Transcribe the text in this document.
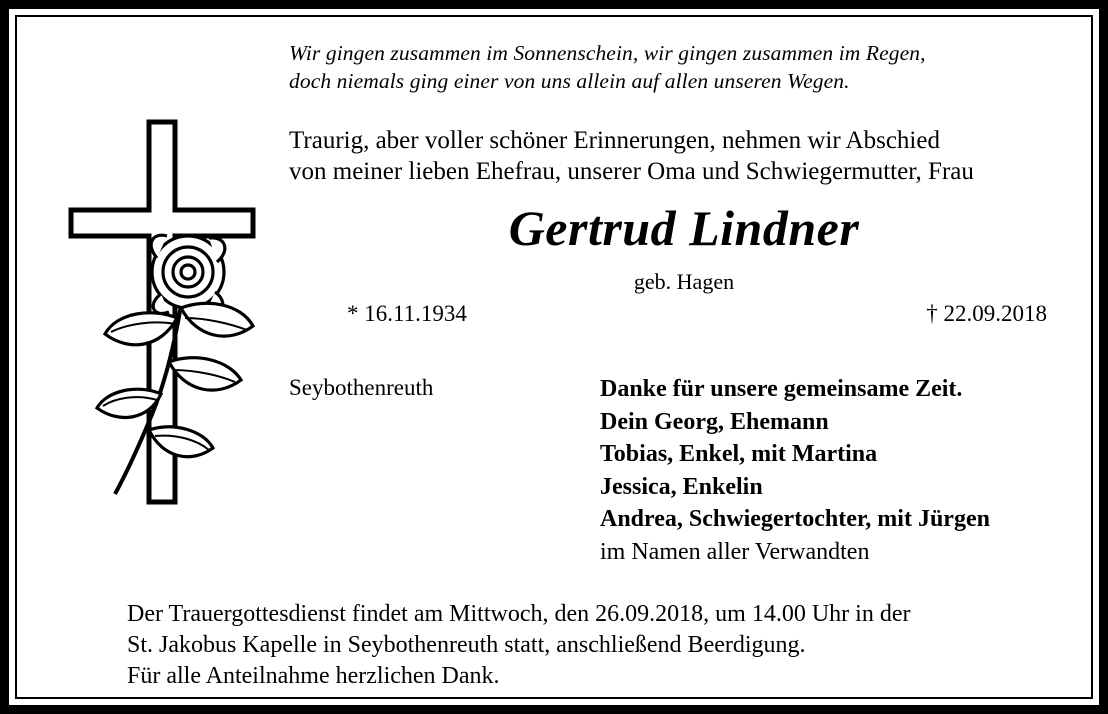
Wir gingen zusammen im Sonnenschein, wir gingen zusammen im Regen,
doch niemals ging einer von uns allein auf allen unseren Wegen.
Traurig, aber voller schöner Erinnerungen, nehmen wir Abschied
von meiner lieben Ehefrau, unserer Oma und Schwiegermutter, Frau
Gertrud Lindner
geb. Hagen
* 16.11.1934	† 22.09.2018
Seybothenreuth	Danke für unsere gemeinsame Zeit.
Dein Georg, Ehemann
Tobias, Enkel, mit Martina
Jessica, Enkelin
Andrea, Schwiegertochter, mit Jürgen
im Namen aller Verwandten
Der Trauergottesdienst findet am Mittwoch, den 26.09.2018, um 14.00 Uhr in der
St. Jakobus Kapelle in Seybothenreuth statt, anschließend Beerdigung.
Für alle Anteilnahme herzlichen Dank.
